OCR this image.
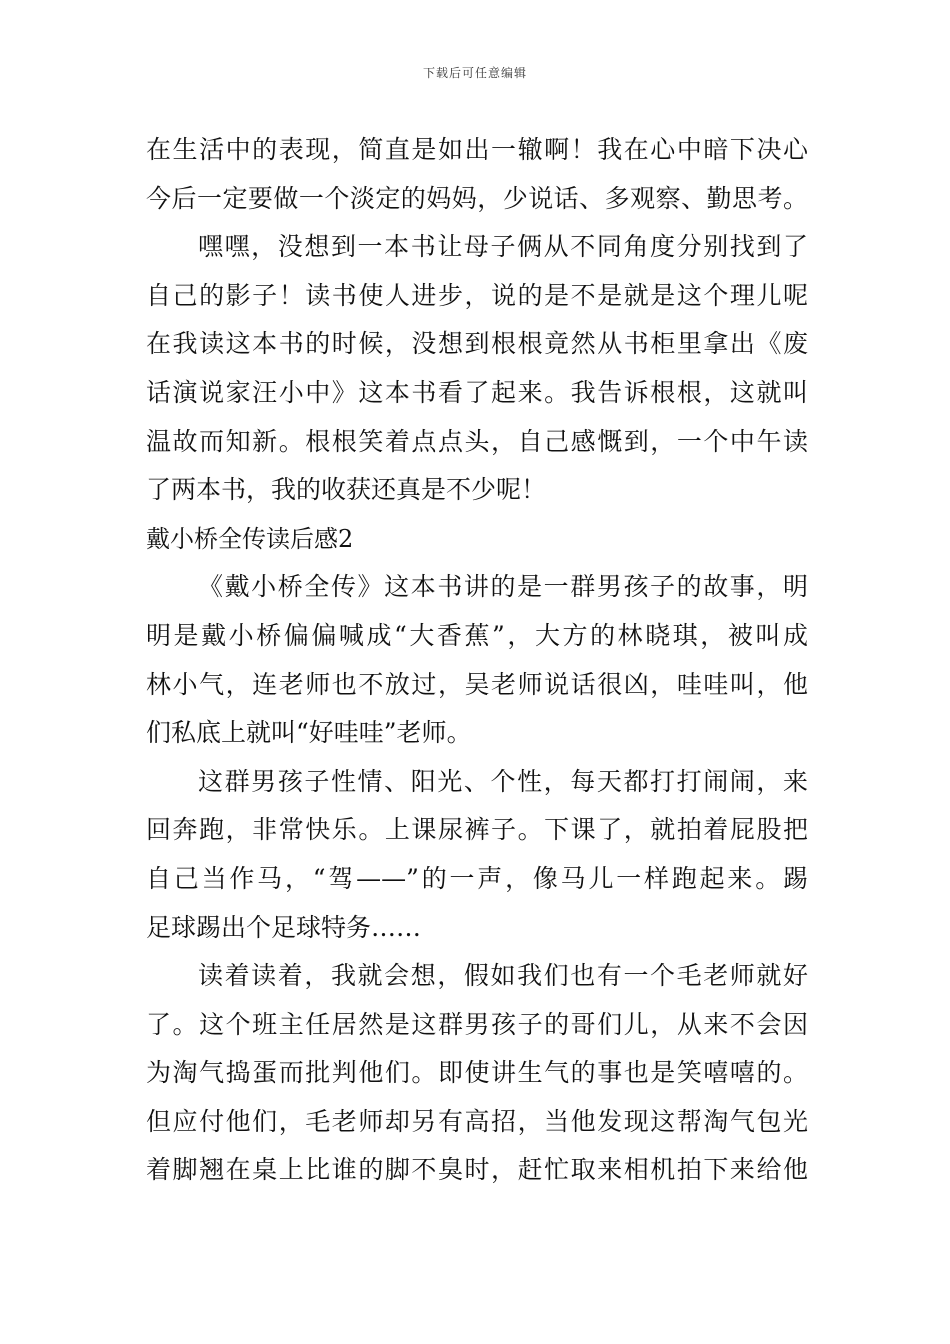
下载后可任意编辑
在生活中的表现，简直是如出一辙啊！我在心中暗下决心
今后一定要做一个淡定的妈妈，少说话、多观察、勤思考。
嘿嘿，没想到一本书让母子俩从不同角度分别找到了
自己的影子！读书使人进步，说的是不是就是这个理儿呢
在我读这本书的时候，没想到根根竟然从书柜里拿出《废
话演说家汪小中》这本书看了起来。我告诉根根，这就叫
温故而知新。根根笑着点点头，自己感慨到，一个中午读
了两本书，我的收获还真是不少呢！
戴小桥全传读后感2
《戴小桥全传》这本书讲的是一群男孩子的故事，明
明是戴小桥偏偏喊成“大香蕉”，大方的林晓琪，被叫成
林小气，连老师也不放过，吴老师说话很凶，哇哇叫，他
们私底上就叫“好哇哇”老师。
这群男孩子性情、阳光、个性，每天都打打闹闹，来
回奔跑，非常快乐。上课尿裤子。下课了，就拍着屁股把
自己当作马，“驾——”的一声，像马儿一样跑起来。踢
足球踢出个足球特务……
读着读着，我就会想，假如我们也有一个毛老师就好
了。这个班主任居然是这群男孩子的哥们儿，从来不会因
为淘气捣蛋而批判他们。即使讲生气的事也是笑嘻嘻的。
但应付他们，毛老师却另有高招，当他发现这帮淘气包光
着脚翘在桌上比谁的脚不臭时，赶忙取来相机拍下来给他
